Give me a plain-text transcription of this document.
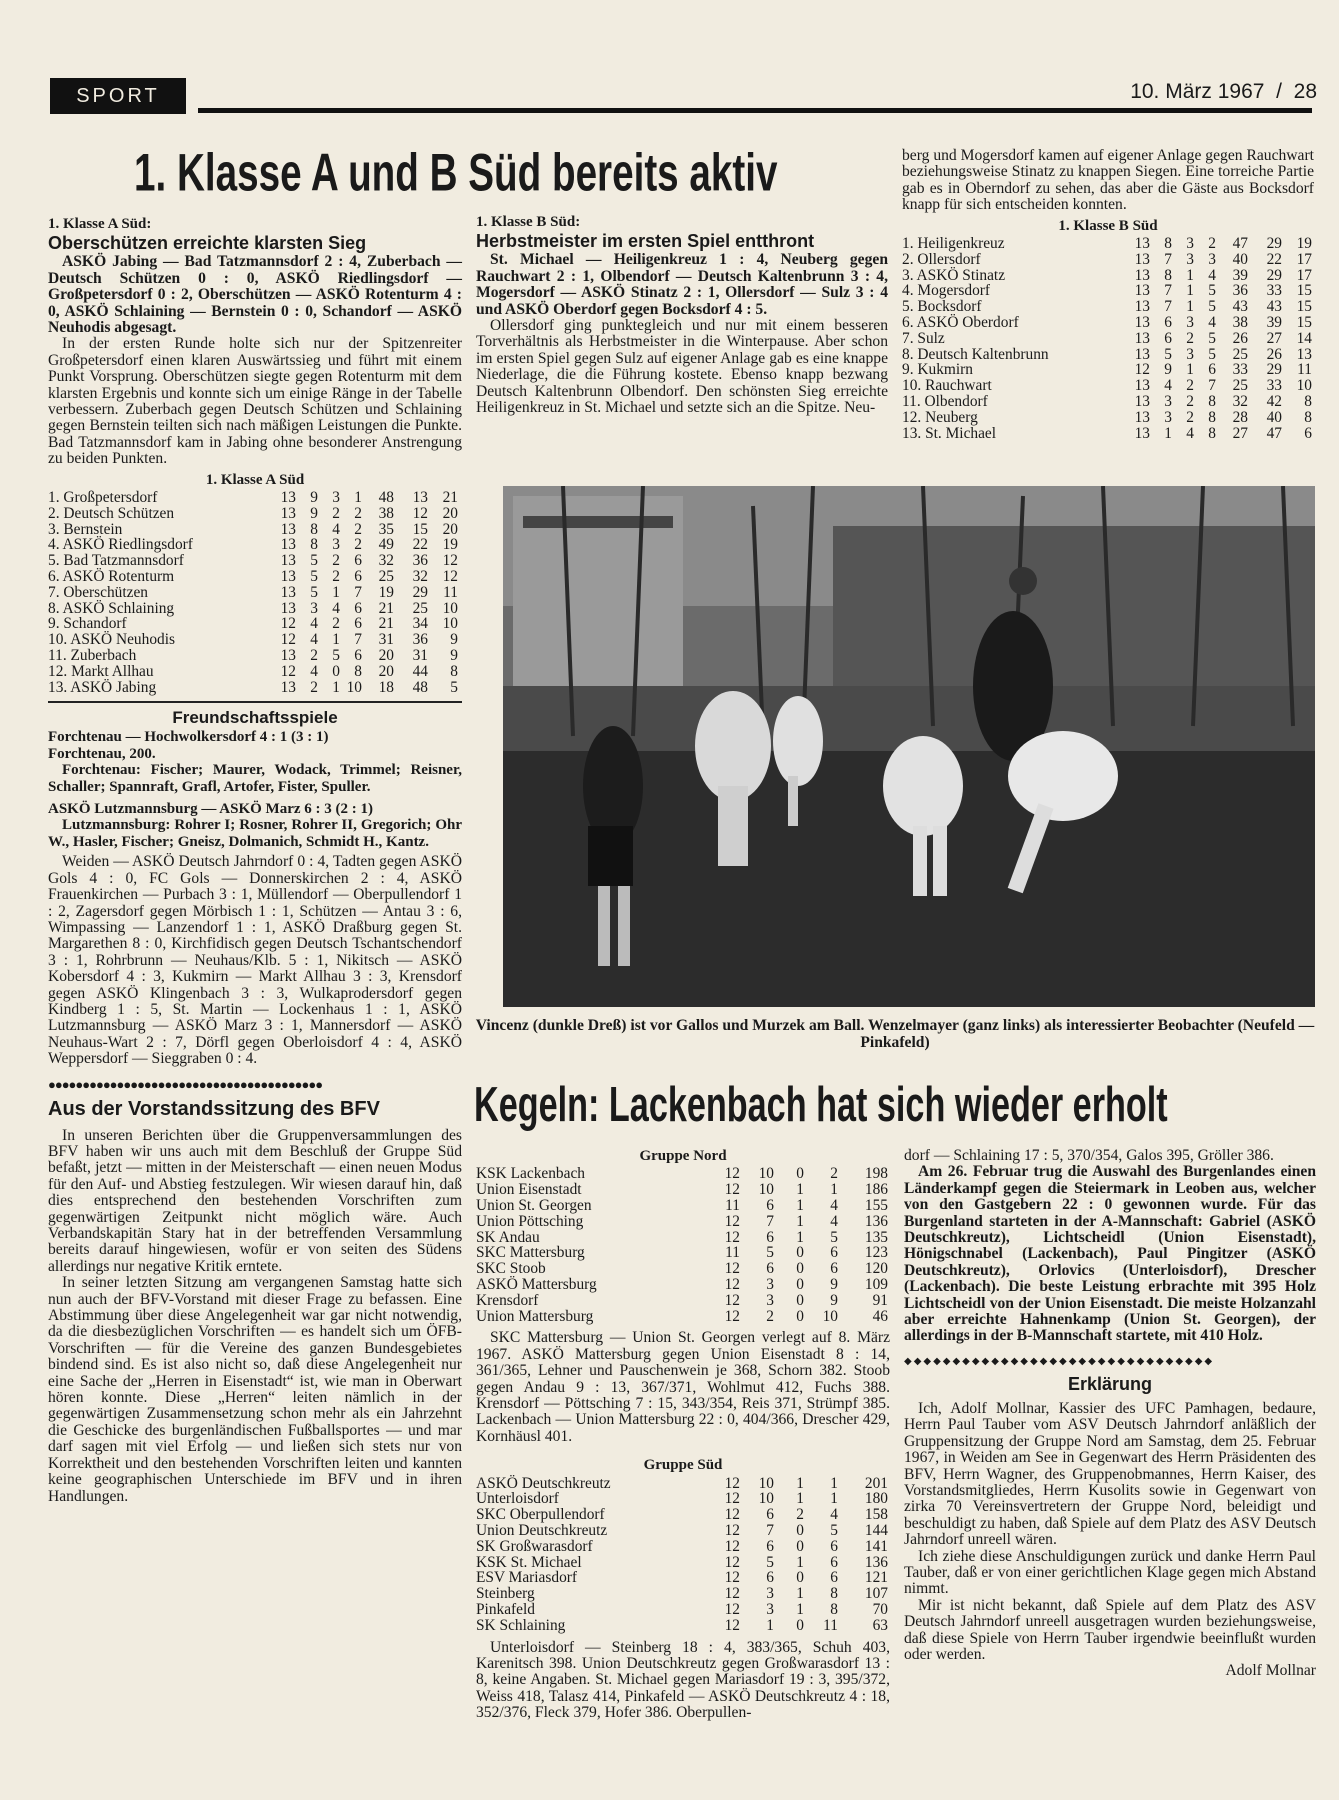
SPORT	10. März 1967 / 28
1. Klasse A und B Süd bereits aktiv
1. Klasse A Süd:
Oberschützen erreichte klarsten Sieg

ASKÖ Jabing — Bad Tatzmannsdorf 2 : 4, Zuberbach — Deutsch Schützen 0 : 0, ASKÖ Riedlingsdorf — Großpetersdorf 0 : 2, Oberschützen — ASKÖ Rotenturm 4 : 0, ASKÖ Schlaining — Bernstein 0 : 0, Schandorf — ASKÖ Neuhodis abgesagt.

In der ersten Runde holte sich nur der Spitzenreiter Großpetersdorf einen klaren Auswärtssieg und führt mit einem Punkt Vorsprung. Oberschützen siegte gegen Rotenturm mit dem klarsten Ergebnis und konnte sich um einige Ränge in der Tabelle verbessern. Zuberbach gegen Deutsch Schützen und Schlaining gegen Bernstein teilten sich nach mäßigen Leistungen die Punkte. Bad Tatzmannsdorf kam in Jabing ohne besonderer Anstrengung zu beiden Punkten.

1. Klasse A Süd
1. Großpetersdorf	13	9	3	1	48	13	21
2. Deutsch Schützen	13	9	2	2	38	12	20
3. Bernstein	13	8	4	2	35	15	20
4. ASKÖ Riedlingsdorf	13	8	3	2	49	22	19
5. Bad Tatzmannsdorf	13	5	2	6	32	36	12
6. ASKÖ Rotenturm	13	5	2	6	25	32	12
7. Oberschützen	13	5	1	7	19	29	11
8. ASKÖ Schlaining	13	3	4	6	21	25	10
9. Schandorf	12	4	2	6	21	34	10
10. ASKÖ Neuhodis	12	4	1	7	31	36	9
11. Zuberbach	13	2	5	6	20	31	9
12. Markt Allhau	12	4	0	8	20	44	8
13. ASKÖ Jabing	13	2	1	10	18	48	5
Freundschaftsspiele

Forchtenau — Hochwolkersdorf 4 : 1 (3 : 1)

Forchtenau, 200.

Forchtenau: Fischer; Maurer, Wodack, Trimmel; Reisner, Schaller; Spannraft, Grafl, Artofer, Fister, Spuller.

ASKÖ Lutzmannsburg — ASKÖ Marz 6 : 3 (2 : 1)

Lutzmannsburg: Rohrer I; Rosner, Rohrer II, Gregorich; Ohr W., Hasler, Fischer; Gneisz, Dolmanich, Schmidt H., Kantz.

Weiden — ASKÖ Deutsch Jahrndorf 0 : 4, Tadten gegen ASKÖ Gols 4 : 0, FC Gols — Donnerskirchen 2 : 4, ASKÖ Frauenkirchen — Purbach 3 : 1, Müllendorf — Oberpullendorf 1 : 2, Zagersdorf gegen Mörbisch 1 : 1, Schützen — Antau 3 : 6, Wimpassing — Lanzendorf 1 : 1, ASKÖ Draßburg gegen St. Margarethen 8 : 0, Kirchfidisch gegen Deutsch Tschantschendorf 3 : 1, Rohrbrunn — Neuhaus/Klb. 5 : 1, Nikitsch — ASKÖ Kobersdorf 4 : 3, Kukmirn — Markt Allhau 3 : 3, Krensdorf gegen ASKÖ Klingenbach 3 : 3, Wulkaprodersdorf gegen Kindberg 1 : 5, St. Martin — Lockenhaus 1 : 1, ASKÖ Lutzmannsburg — ASKÖ Marz 3 : 1, Mannersdorf — ASKÖ Neuhaus-Wart 2 : 7, Dörfl gegen Oberloisdorf 4 : 4, ASKÖ Weppersdorf — Sieggraben 0 : 4.

●●●●●●●●●●●●●●●●●●●●●●●●●●●●●●●●●●●●●●●●
Aus der Vorstandssitzung des BFV

In unseren Berichten über die Gruppenversammlungen des BFV haben wir uns auch mit dem Beschluß der Gruppe Süd befaßt, jetzt — mitten in der Meisterschaft — einen neuen Modus für den Auf- und Abstieg festzulegen. Wir wiesen darauf hin, daß dies entsprechend den bestehenden Vorschriften zum gegenwärtigen Zeitpunkt nicht möglich wäre. Auch Verbandskapitän Stary hat in der betreffenden Versammlung bereits darauf hingewiesen, wofür er von seiten des Südens allerdings nur negative Kritik erntete.

In seiner letzten Sitzung am vergangenen Samstag hatte sich nun auch der BFV-Vorstand mit dieser Frage zu befassen. Eine Abstimmung über diese Angelegenheit war gar nicht notwendig, da die diesbezüglichen Vorschriften — es handelt sich um ÖFB-Vorschriften — für die Vereine des ganzen Bundesgebietes bindend sind. Es ist also nicht so, daß diese Angelegenheit nur eine Sache der „Herren in Eisenstadt“ ist, wie man in Oberwart hören konnte. Diese „Herren“ leiten nämlich in der gegenwärtigen Zusammensetzung schon mehr als ein Jahrzehnt die Geschicke des burgenländischen Fußballsportes — und mar darf sagen mit viel Erfolg — und ließen sich stets nur von Korrektheit und den bestehenden Vorschriften leiten und kannten keine geographischen Unterschiede im BFV und in ihren Handlungen.

1. Klasse B Süd:
Herbstmeister im ersten Spiel entthront

St. Michael — Heiligenkreuz 1 : 4, Neuberg gegen Rauchwart 2 : 1, Olbendorf — Deutsch Kaltenbrunn 3 : 4, Mogersdorf — ASKÖ Stinatz 2 : 1, Ollersdorf — Sulz 3 : 4 und ASKÖ Oberdorf gegen Bocksdorf 4 : 5.

Ollersdorf ging punktegleich und nur mit einem besseren Torverhältnis als Herbstmeister in die Winterpause. Aber schon im ersten Spiel gegen Sulz auf eigener Anlage gab es eine knappe Niederlage, die die Führung kostete. Ebenso knapp bezwang Deutsch Kaltenbrunn Olbendorf. Den schönsten Sieg erreichte Heiligenkreuz in St. Michael und setzte sich an die Spitze. Neu-

berg und Mogersdorf kamen auf eigener Anlage gegen Rauchwart beziehungsweise Stinatz zu knappen Siegen. Eine torreiche Partie gab es in Oberndorf zu sehen, das aber die Gäste aus Bocksdorf knapp für sich entscheiden konnten.

1. Klasse B Süd
1. Heiligenkreuz	13	8	3	2	47	29	19
2. Ollersdorf	13	7	3	3	40	22	17
3. ASKÖ Stinatz	13	8	1	4	39	29	17
4. Mogersdorf	13	7	1	5	36	33	15
5. Bocksdorf	13	7	1	5	43	43	15
6. ASKÖ Oberdorf	13	6	3	4	38	39	15
7. Sulz	13	6	2	5	26	27	14
8. Deutsch Kaltenbrunn	13	5	3	5	25	26	13
9. Kukmirn	12	9	1	6	33	29	11
10. Rauchwart	13	4	2	7	25	33	10
11. Olbendorf	13	3	2	8	32	42	8
12. Neuberg	13	3	2	8	28	40	8
13. St. Michael	13	1	4	8	27	47	6
Vincenz (dunkle Dreß) ist vor Gallos und Murzek am Ball. Wenzelmayer (ganz links) als interessierter Beobachter (Neufeld — Pinkafeld)
Kegeln: Lackenbach hat sich wieder erholt
Gruppe Nord
KSK Lackenbach	12	10	0	2	198
Union Eisenstadt	12	10	1	1	186
Union St. Georgen	11	6	1	4	155
Union Pöttsching	12	7	1	4	136
SK Andau	12	6	1	5	135
SKC Mattersburg	11	5	0	6	123
SKC Stoob	12	6	0	6	120
ASKÖ Mattersburg	12	3	0	9	109
Krensdorf	12	3	0	9	91
Union Mattersburg	12	2	0	10	46

SKC Mattersburg — Union St. Georgen verlegt auf 8. März 1967. ASKÖ Mattersburg gegen Union Eisenstadt 8 : 14, 361/365, Lehner und Pauschenwein je 368, Schorn 382. Stoob gegen Andau 9 : 13, 367/371, Wohlmut 412, Fuchs 388. Krensdorf — Pöttsching 7 : 15, 343/354, Reis 371, Strümpf 385. Lackenbach — Union Mattersburg 22 : 0, 404/366, Drescher 429, Kornhäusl 401.

Gruppe Süd
ASKÖ Deutschkreutz	12	10	1	1	201
Unterloisdorf	12	10	1	1	180
SKC Oberpullendorf	12	6	2	4	158
Union Deutschkreutz	12	7	0	5	144
SK Großwarasdorf	12	6	0	6	141
KSK St. Michael	12	5	1	6	136
ESV Mariasdorf	12	6	0	6	121
Steinberg	12	3	1	8	107
Pinkafeld	12	3	1	8	70
SK Schlaining	12	1	0	11	63

Unterloisdorf — Steinberg 18 : 4, 383/365, Schuh 403, Karenitsch 398. Union Deutschkreutz gegen Großwarasdorf 13 : 8, keine Angaben. St. Michael gegen Mariasdorf 19 : 3, 395/372, Weiss 418, Talasz 414, Pinkafeld — ASKÖ Deutschkreutz 4 : 18, 352/376, Fleck 379, Hofer 386. Oberpullen-

dorf — Schlaining 17 : 5, 370/354, Galos 395, Gröller 386.

Am 26. Februar trug die Auswahl des Burgenlandes einen Länderkampf gegen die Steiermark in Leoben aus, welcher von den Gastgebern 22 : 0 gewonnen wurde. Für das Burgenland starteten in der A-Mannschaft: Gabriel (ASKÖ Deutschkreutz), Lichtscheidl (Union Eisenstadt), Hönigschnabel (Lackenbach), Paul Pingitzer (ASKÖ Deutschkreutz), Orlovics (Unterloisdorf), Drescher (Lackenbach). Die beste Leistung erbrachte mit 395 Holz Lichtscheidl von der Union Eisenstadt. Die meiste Holzanzahl aber erreichte Hahnenkamp (Union St. Georgen), der allerdings in der B-Mannschaft startete, mit 410 Holz.

◆◆◆◆◆◆◆◆◆◆◆◆◆◆◆◆◆◆◆◆◆◆◆◆◆◆◆◆◆◆◆◆
Erklärung

Ich, Adolf Mollnar, Kassier des UFC Pamhagen, bedaure, Herrn Paul Tauber vom ASV Deutsch Jahrndorf anläßlich der Gruppensitzung der Gruppe Nord am Samstag, dem 25. Februar 1967, in Weiden am See in Gegenwart des Herrn Präsidenten des BFV, Herrn Wagner, des Gruppenobmannes, Herrn Kaiser, des Vorstandsmitgliedes, Herrn Kusolits sowie in Gegenwart von zirka 70 Vereinsvertretern der Gruppe Nord, beleidigt und beschuldigt zu haben, daß Spiele auf dem Platz des ASV Deutsch Jahrndorf unreell wären.

Ich ziehe diese Anschuldigungen zurück und danke Herrn Paul Tauber, daß er von einer gerichtlichen Klage gegen mich Abstand nimmt.

Mir ist nicht bekannt, daß Spiele auf dem Platz des ASV Deutsch Jahrndorf unreell ausgetragen wurden beziehungsweise, daß diese Spiele von Herrn Tauber irgendwie beeinflußt wurden oder werden.

Adolf Mollnar
